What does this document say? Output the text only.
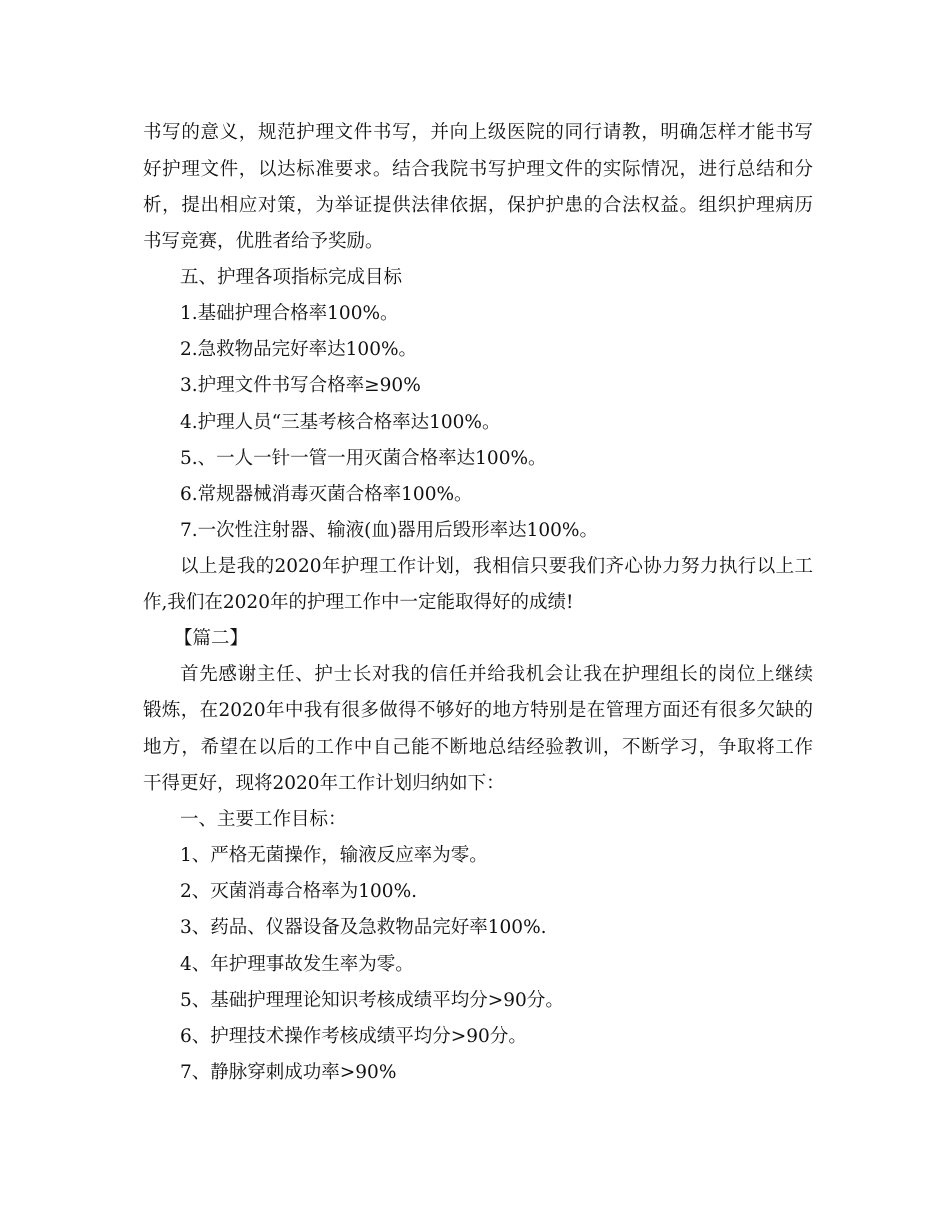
书写的意义，规范护理文件书写，并向上级医院的同行请教，明确怎样才能书写
好护理文件，以达标准要求。结合我院书写护理文件的实际情况，进行总结和分
析，提出相应对策，为举证提供法律依据，保护护患的合法权益。组织护理病历
书写竞赛，优胜者给予奖励。
五、护理各项指标完成目标
1.基础护理合格率100%。
2.急救物品完好率达100%。
3.护理文件书写合格率≥90%
4.护理人员“三基考核合格率达100%。
5.、一人一针一管一用灭菌合格率达100%。
6.常规器械消毒灭菌合格率100%。
7.一次性注射器、输液(血)器用后毁形率达100%。
以上是我的2020年护理工作计划，我相信只要我们齐心协力努力执行以上工
作,我们在2020年的护理工作中一定能取得好的成绩!
【篇二】
首先感谢主任、护士长对我的信任并给我机会让我在护理组长的岗位上继续
锻炼，在2020年中我有很多做得不够好的地方特别是在管理方面还有很多欠缺的
地方，希望在以后的工作中自己能不断地总结经验教训，不断学习，争取将工作
干得更好，现将2020年工作计划归纳如下：
一、主要工作目标：
1、严格无菌操作，输液反应率为零。
2、灭菌消毒合格率为100%.
3、药品、仪器设备及急救物品完好率100%.
4、年护理事故发生率为零。
5、基础护理理论知识考核成绩平均分>90分。
6、护理技术操作考核成绩平均分>90分。
7、静脉穿刺成功率>90%
